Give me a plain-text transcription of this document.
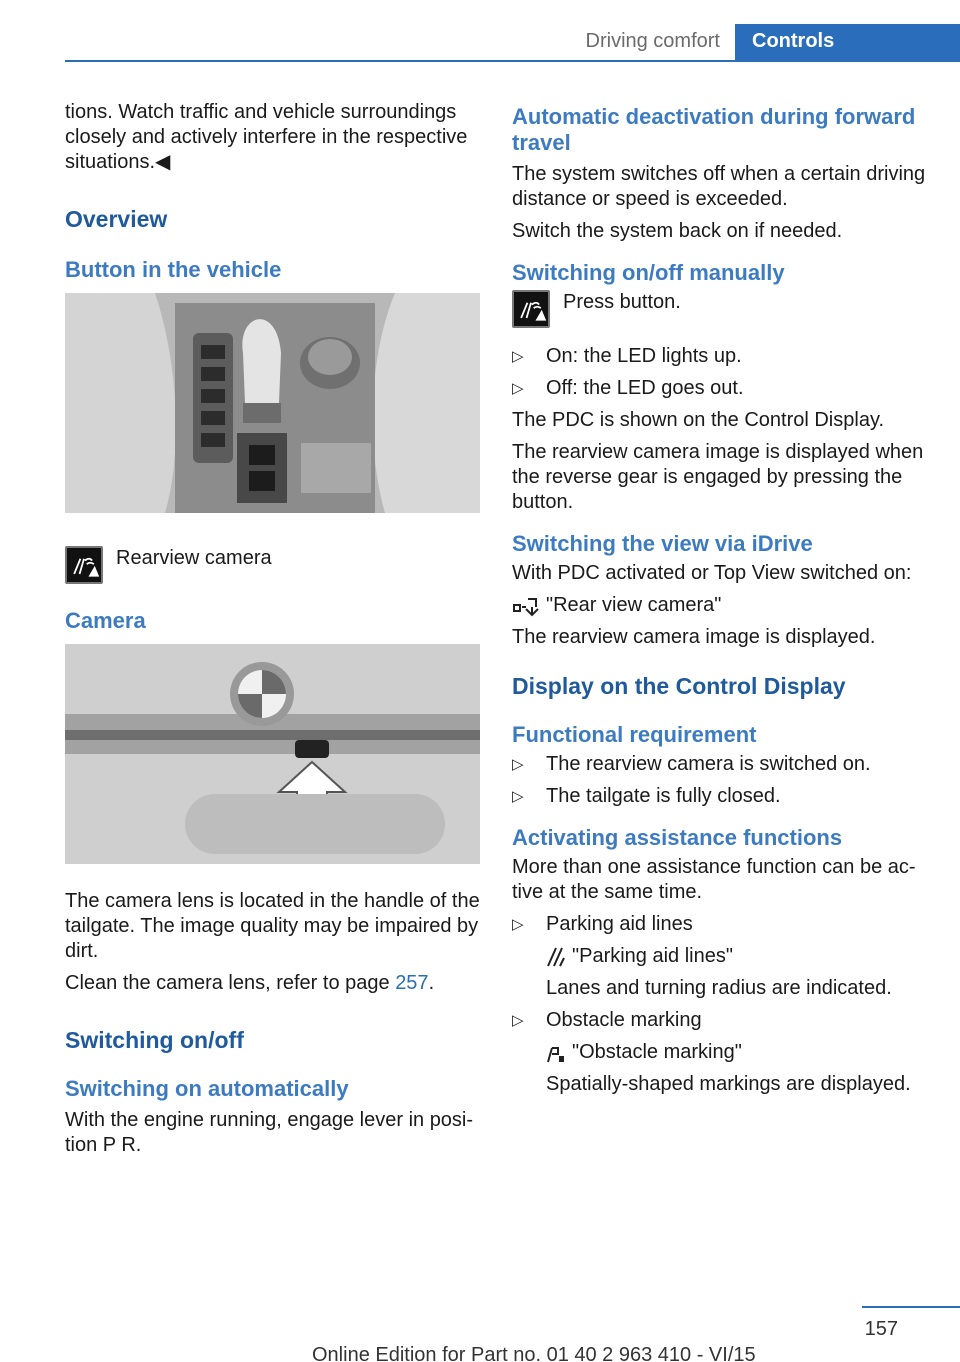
Driving comfort	Controls

tions. Watch traffic and vehicle surroundings closely and actively interfere in the respective situations.◀

Overview
Button in the vehicle
Rearview camera
Camera

The camera lens is located in the handle of the tailgate. The image quality may be impaired by dirt.

Clean the camera lens, refer to page 257.

Switching on/off
Switching on automatically

With the engine running, engage lever in posi‐tion P R.

Automatic deactivation during forward travel

The system switches off when a certain driving distance or speed is exceeded.

Switch the system back on if needed.

Switching on/off manually
Press button.
▷ On: the LED lights up.
▷ Off: the LED goes out.

The PDC is shown on the Control Display.

The rearview camera image is displayed when the reverse gear is engaged by pressing the button.

Switching the view via iDrive

With PDC activated or Top View switched on:

"Rear view camera"

The rearview camera image is displayed.

Display on the Control Display
Functional requirement
▷ The rearview camera is switched on.
▷ The tailgate is fully closed.
Activating assistance functions

More than one assistance function can be ac‐tive at the same time.

▷ Parking aid lines
"Parking aid lines"
Lanes and turning radius are indicated.
▷ Obstacle marking
"Obstacle marking"
Spatially-shaped markings are displayed.
157
Online Edition for Part no. 01 40 2 963 410 - VI/15
